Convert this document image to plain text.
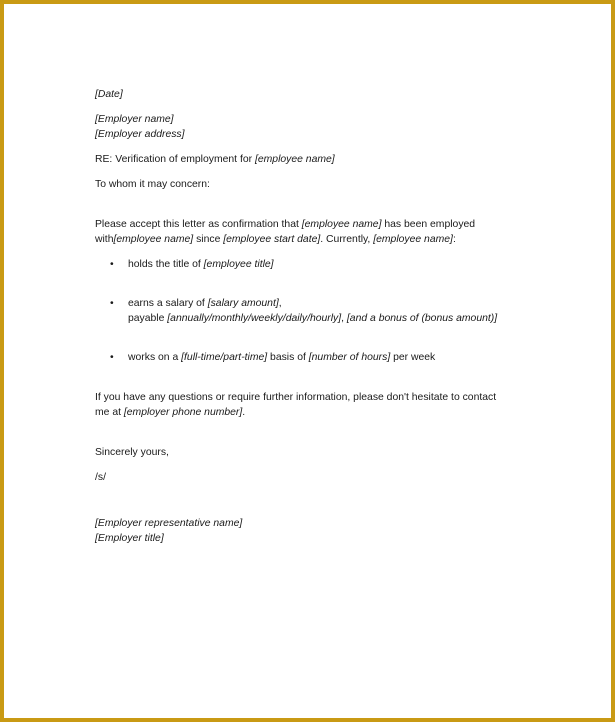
[Date]
[Employer name]
[Employer address]
RE: Verification of employment for [employee name]
To whom it may concern:
Please accept this letter as confirmation that [employee name] has been employed
with[employee name] since [employee start date]. Currently, [employee name]:
• holds the title of [employee title]
• earns a salary of [salary amount],
payable [annually/monthly/weekly/daily/hourly], [and a bonus of (bonus amount)]
• works on a [full-time/part-time] basis of [number of hours] per week
If you have any questions or require further information, please don't hesitate to contact
me at [employer phone number].
Sincerely yours,
/s/
[Employer representative name]
[Employer title]
